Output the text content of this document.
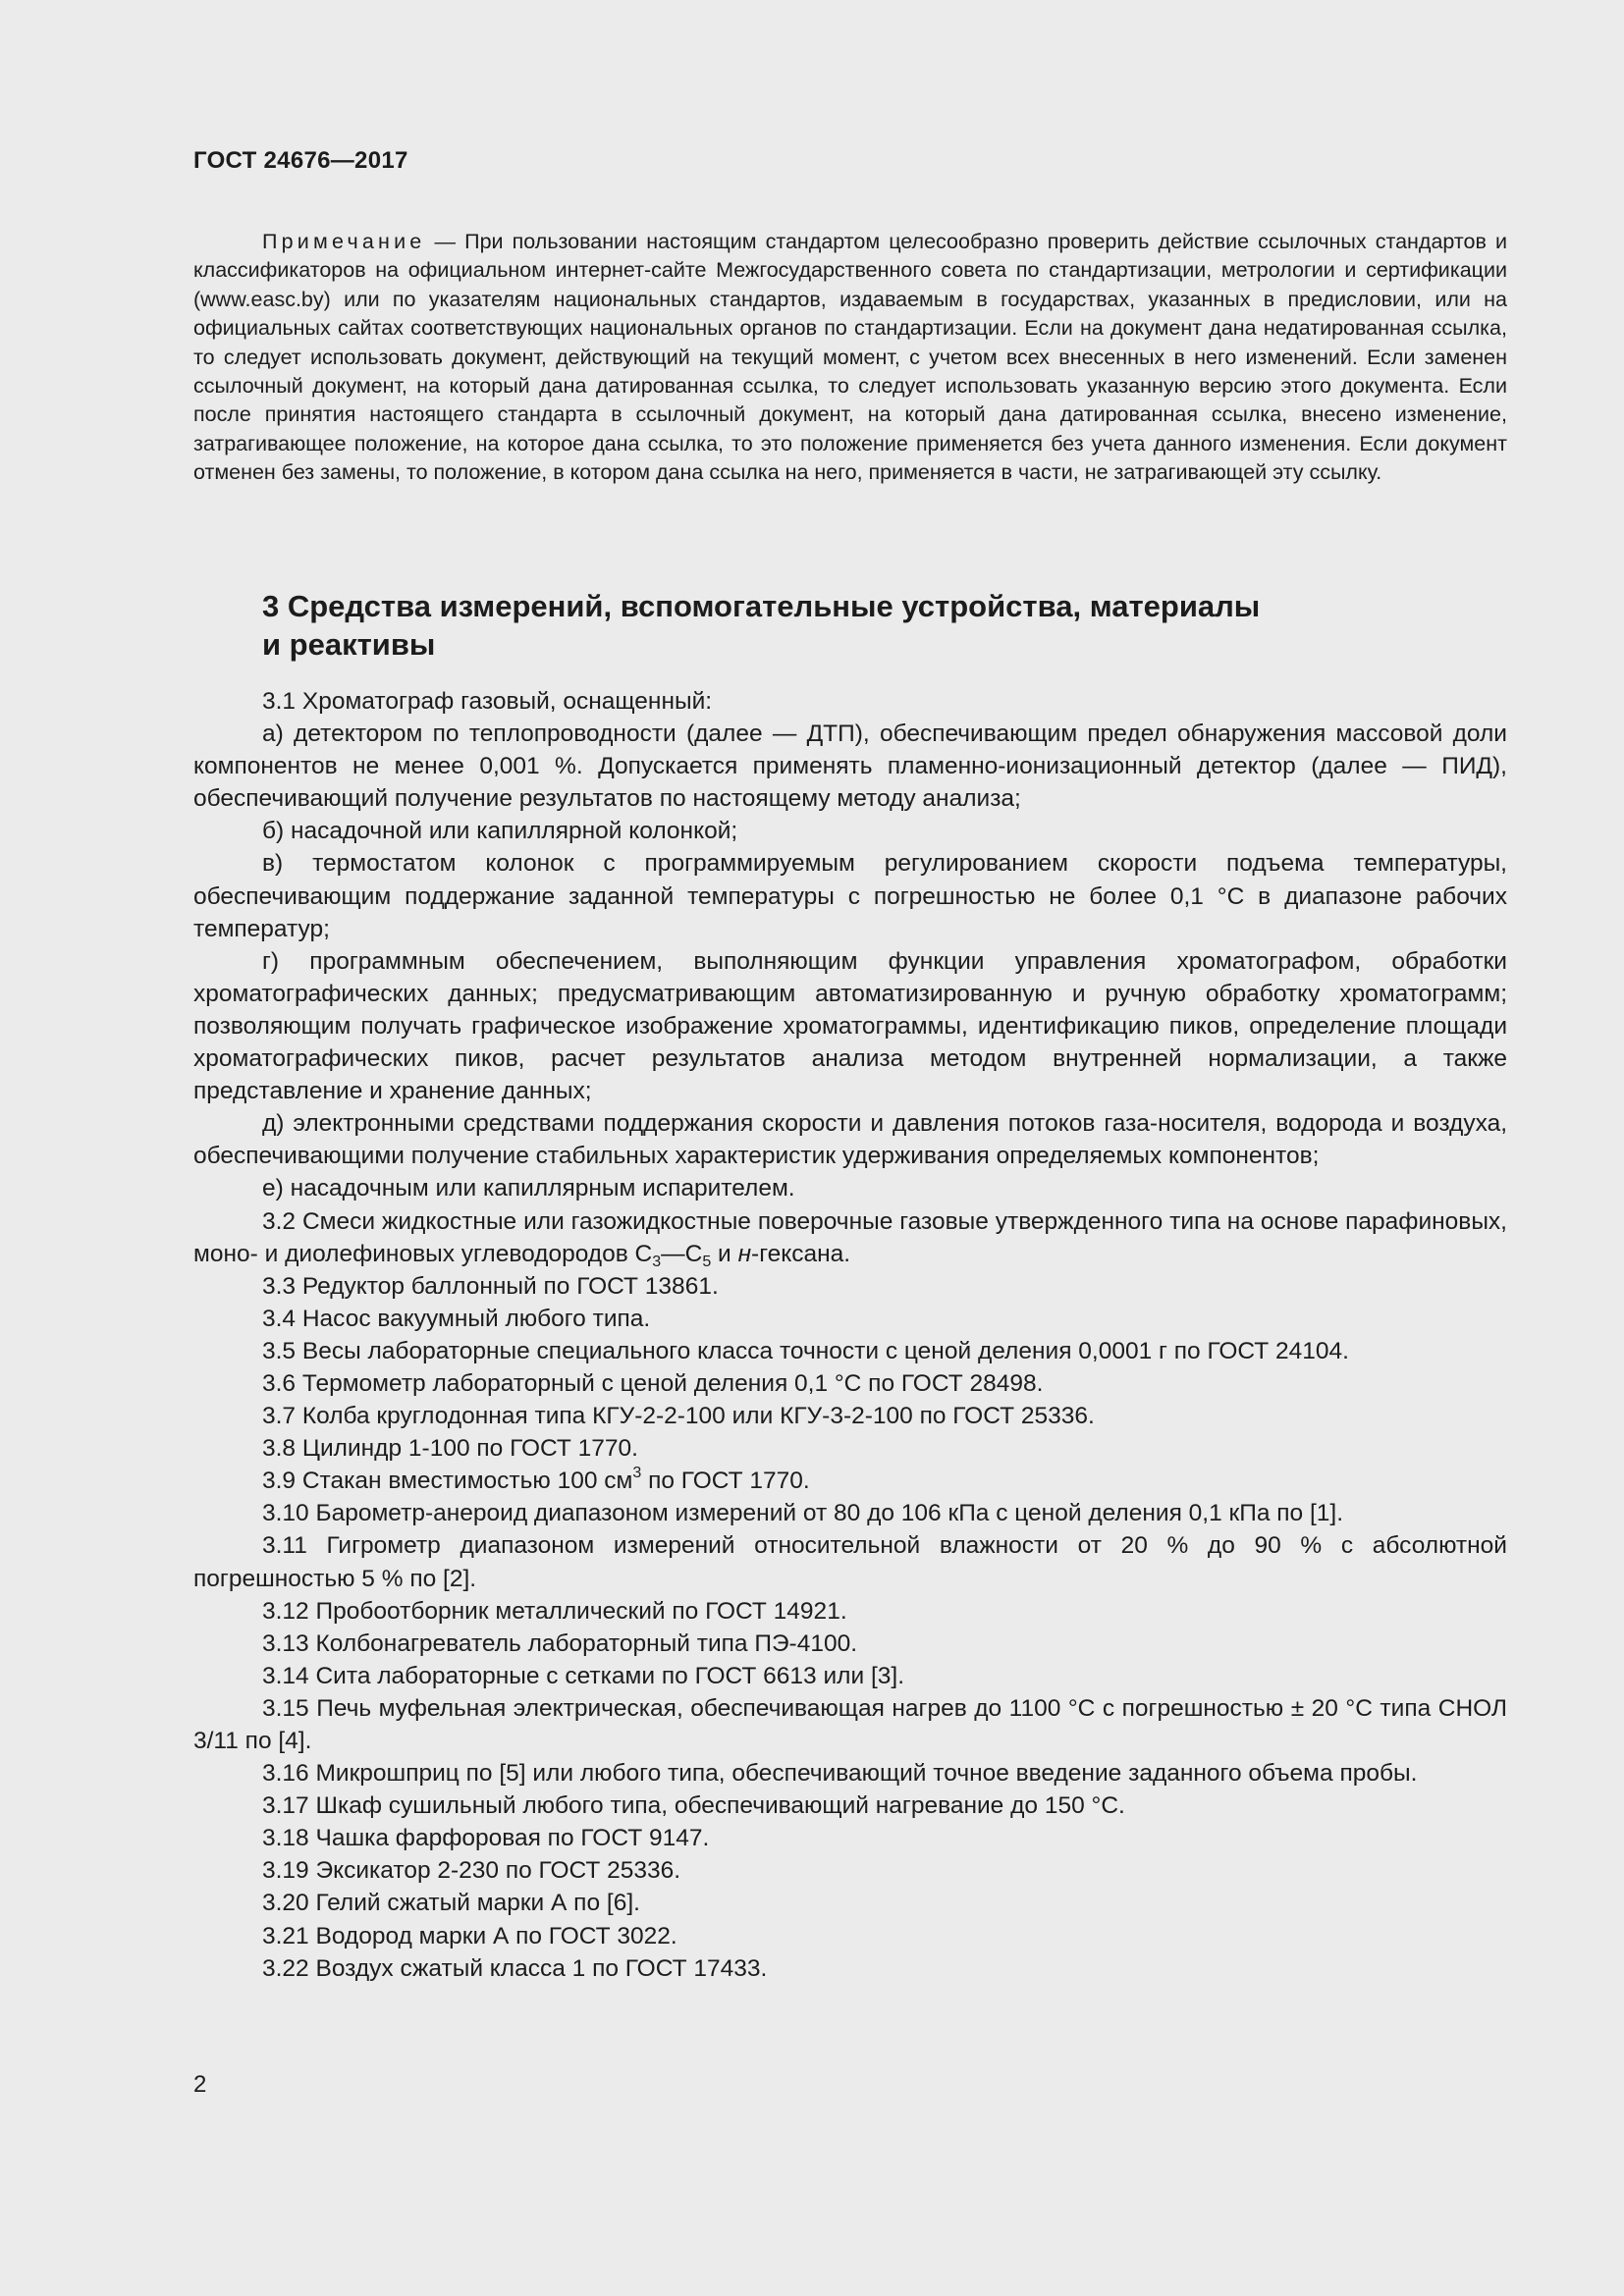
ГОСТ 24676—2017

Примечание — При пользовании настоящим стандартом целесообразно проверить действие ссылочных стандартов и классификаторов на официальном интернет-сайте Межгосударственного совета по стандартизации, метрологии и сертификации (www.easc.by) или по указателям национальных стандартов, издаваемым в государствах, указанных в предисловии, или на официальных сайтах соответствующих национальных органов по стандартизации. Если на документ дана недатированная ссылка, то следует использовать документ, действующий на текущий момент, с учетом всех внесенных в него изменений. Если заменен ссылочный документ, на который дана датированная ссылка, то следует использовать указанную версию этого документа. Если после принятия настоящего стандарта в ссылочный документ, на который дана датированная ссылка, внесено изменение, затрагивающее положение, на которое дана ссылка, то это положение применяется без учета данного изменения. Если документ отменен без замены, то положение, в котором дана ссылка на него, применяется в части, не затрагивающей эту ссылку.

3 Средства измерений, вспомогательные устройства, материалы
и реактивы

3.1 Хроматограф газовый, оснащенный:

а) детектором по теплопроводности (далее — ДТП), обеспечивающим предел обнаружения массовой доли компонентов не менее 0,001 %. Допускается применять пламенно-ионизационный детектор (далее — ПИД), обеспечивающий получение результатов по настоящему методу анализа;

б) насадочной или капиллярной колонкой;

в) термостатом колонок с программируемым регулированием скорости подъема температуры, обеспечивающим поддержание заданной температуры с погрешностью не более 0,1 °С в диапазоне рабочих температур;

г) программным обеспечением, выполняющим функции управления хроматографом, обработки хроматографических данных; предусматривающим автоматизированную и ручную обработку хроматограмм; позволяющим получать графическое изображение хроматограммы, идентификацию пиков, определение площади хроматографических пиков, расчет результатов анализа методом внутренней нормализации, а также представление и хранение данных;

д) электронными средствами поддержания скорости и давления потоков газа-носителя, водорода и воздуха, обеспечивающими получение стабильных характеристик удерживания определяемых компонентов;

е) насадочным или капиллярным испарителем.

3.2 Смеси жидкостные или газожидкостные поверочные газовые утвержденного типа на основе парафиновых, моно- и диолефиновых углеводородов $С_3—С_5$ и н-гексана.

3.3 Редуктор баллонный по ГОСТ 13861.

3.4 Насос вакуумный любого типа.

3.5 Весы лабораторные специального класса точности с ценой деления 0,0001 г по ГОСТ 24104.

3.6 Термометр лабораторный с ценой деления 0,1 °С по ГОСТ 28498.

3.7 Колба круглодонная типа КГУ-2-2-100 или КГУ-3-2-100 по ГОСТ 25336.

3.8 Цилиндр 1-100 по ГОСТ 1770.

3.9 Стакан вместимостью 100 $см^3$ по ГОСТ 1770.

3.10 Барометр-анероид диапазоном измерений от 80 до 106 кПа с ценой деления 0,1 кПа по [1].

3.11 Гигрометр диапазоном измерений относительной влажности от 20 % до 90 % с абсолютной погрешностью 5 % по [2].

3.12 Пробоотборник металлический по ГОСТ 14921.

3.13 Колбонагреватель лабораторный типа ПЭ-4100.

3.14 Сита лабораторные с сетками по ГОСТ 6613 или [3].

3.15 Печь муфельная электрическая, обеспечивающая нагрев до 1100 °С с погрешностью ± 20 °С типа СНОЛ 3/11 по [4].

3.16 Микрошприц по [5] или любого типа, обеспечивающий точное введение заданного объема пробы.

3.17 Шкаф сушильный любого типа, обеспечивающий нагревание до 150 °С.

3.18 Чашка фарфоровая по ГОСТ 9147.

3.19 Эксикатор 2-230 по ГОСТ 25336.

3.20 Гелий сжатый марки А по [6].

3.21 Водород марки А по ГОСТ 3022.

3.22 Воздух сжатый класса 1 по ГОСТ 17433.

2
